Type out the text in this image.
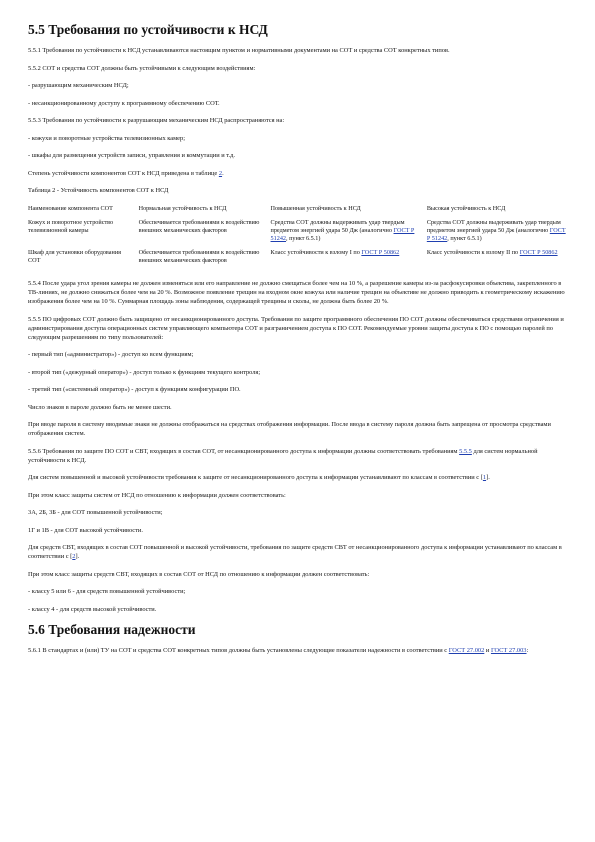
5.5 Требования по устойчивости к НСД

5.5.1 Требования по устойчивости к НСД устанавливаются настоящим пунктом и нормативными документами на СОТ и средства СОТ конкретных типов.

5.5.2 СОТ и средства СОТ должны быть устойчивыми к следующим воздействиям:

- разрушающим механическим НСД;

- несанкционированному доступу к программному обеспечению СОТ.

5.5.3 Требования по устойчивости к разрушающим механическим НСД распространяются на:

- кожухи и поворотные устройства телевизионных камер;

- шкафы для размещения устройств записи, управления и коммутации и т.д.

Степень устойчивости компонентов СОТ к НСД приведена в таблице 2.

Таблица 2 - Устойчивость компонентов СОТ к НСД

Наименование компонента СОТ	Нормальная устойчивость к НСД	Повышенная устойчивость к НСД	Высокая устойчивость к НСД
Кожух и поворотное устройство телевизионной камеры	Обеспечивается требованиями к воздействию внешних механических факторов	Средства СОТ должны выдерживать удар твердым предметом энергией удара 50 Дж (аналогично ГОСТ Р 51242, пункт 6.5.1)	Средства СОТ должны выдерживать удар твердым предметом энергией удара 50 Дж (аналогично ГОСТ Р 51242, пункт 6.5.1)
Шкаф для установки оборудования СОТ	Обеспечивается требованиями к воздействию внешних механических факторов	Класс устойчивости к взлому I по ГОСТ Р 50862	Класс устойчивости к взлому II по ГОСТ Р 50862

5.5.4 После удара угол зрения камеры не должен изменяться или его направление не должно смещаться более чем на 10 %, а разрешение камеры из-за расфокусировки объектива, закрепленного в ТВ-линиях, не должно снижаться более чем на 20 %. Возможное появление трещин на входном окне кожуха или наличие трещин на объективе не должно приводить к геометрическому искажению изображения более чем на 10 %. Суммарная площадь зоны наблюдения, содержащей трещины и сколы, не должна быть более 20 %.

5.5.5 ПО цифровых СОТ должно быть защищено от несанкционированного доступа. Требования по защите программного обеспечения ПО СОТ должны обеспечиваться средствами ограничения и администрирования доступа операционных систем управляющего компьютера СОТ и разграничением доступа к ПО СОТ. Рекомендуемые уровни защиты доступа к ПО с помощью паролей по следующим разрешениям по типу пользователей:

- первый тип («администратор») - доступ ко всем функциям;

- второй тип («дежурный оператор») - доступ только к функциям текущего контроля;

- третий тип («системный оператор») - доступ к функциям конфигурации ПО.

Число знаков в пароле должно быть не менее шести.

При вводе пароля в систему вводимые знаки не должны отображаться на средствах отображения информации. После ввода в систему пароля должна быть запрещена от просмотра средствами отображения систем.

5.5.6 Требования по защите ПО СОТ и СВТ, входящих в состав СОТ, от несанкционированного доступа к информации должны соответствовать требованиям 5.5.5 для систем нормальной устойчивости к НСД.

Для систем повышенной и высокой устойчивости требования к защите от несанкционированного доступа к информации устанавливают по классам в соответствии с [1].

При этом класс защиты систем от НСД по отношению к информации должен соответствовать:

3А, 2Б, 3Б - для СОТ повышенной устойчивости;

1Г и 1В - для СОТ высокой устойчивости.

Для средств СВТ, входящих в состав СОТ повышенной и высокой устойчивости, требования по защите средств СВТ от несанкционированного доступа к информации устанавливают по классам в соответствии с [2].

При этом класс защиты средств СВТ, входящих в состав СОТ от НСД по отношению к информации должен соответствовать:

- классу 5 или 6 - для средств повышенной устойчивости;

- классу 4 - для средств высокой устойчивости.

5.6 Требования надежности

5.6.1 В стандартах и (или) ТУ на СОТ и средства СОТ конкретных типов должны быть установлены следующие показатели надежности в соответствии с ГОСТ 27.002 и ГОСТ 27.003:
